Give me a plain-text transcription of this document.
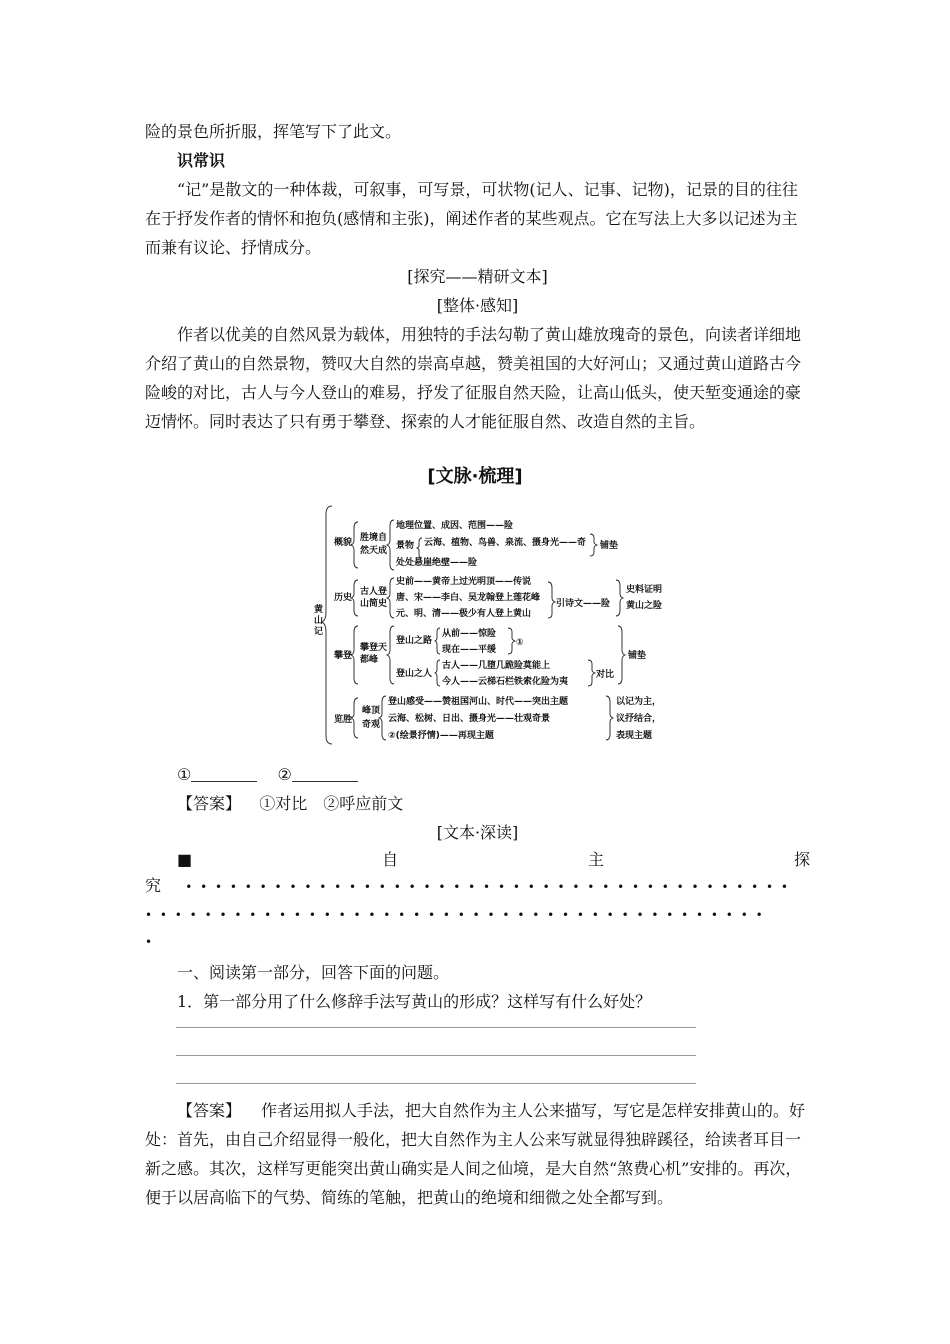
险的景色所折服，挥笔写下了此文。

识常识

“记”是散文的一种体裁，可叙事，可写景，可状物(记人、记事、记物)，记景的目的往往在于抒发作者的情怀和抱负(感情和主张)，阐述作者的某些观点。它在写法上大多以记述为主而兼有议论、抒情成分。

[探究——精研文本]

[整体·感知]

作者以优美的自然风景为载体，用独特的手法勾勒了黄山雄放瑰奇的景色，向读者详细地介绍了黄山的自然景物，赞叹大自然的崇高卓越，赞美祖国的大好河山；又通过黄山道路古今险峻的对比，古人与今人登山的难易，抒发了征服自然天险，让高山低头，使天堑变通途的豪迈情怀。同时表达了只有勇于攀登、探索的人才能征服自然、改造自然的主旨。

[文脉·梳理]
黄
山
记
概貌 胜境自
然天成
地理位置、成因、范围——险
景物 云海、植物、鸟兽、泉流、摄身光——奇
处处悬崖绝壁——险
铺垫
历史
古人登
山简史
史前——黄帝上过光明顶——传说
唐、宋——李白、吴龙翰登上莲花峰
元、明、清——极少有人登上黄山
引诗文——险
史料证明
黄山之险
攀登
攀登天
都峰
登山之路
从前——惊险
现在——平缓
①
登山之人
古人——几堕几跪险莫能上
今人——云梯石栏铁索化险为夷
对比
铺垫
览胜
峰顶
奇观
登山感受——赞祖国河山、时代——突出主题
云海、松树、日出、摄身光——壮观奇景
②(绘景抒情)——再现主题
以记为主，
议抒结合，
表现主题

①	②

【答案】 ①对比　②呼应前文

[文本·深读]

■	自	主	探
究 • • • • • • • • • • • • • • • • • • • • • • • • • • • • • • • • • • • • • • • • •
• • • • • • • • • • • • • • • • • • • • • • • • • • • • • • • • • • • • • • • • • •
•

一、阅读第一部分，回答下面的问题。

1．第一部分用了什么修辞手法写黄山的形成？这样写有什么好处？

【答案】 作者运用拟人手法，把大自然作为主人公来描写，写它是怎样安排黄山的。好处：首先，由自己介绍显得一般化，把大自然作为主人公来写就显得独辟蹊径，给读者耳目一新之感。其次，这样写更能突出黄山确实是人间之仙境，是大自然“煞费心机”安排的。再次，便于以居高临下的气势、简练的笔触，把黄山的绝境和细微之处全都写到。
